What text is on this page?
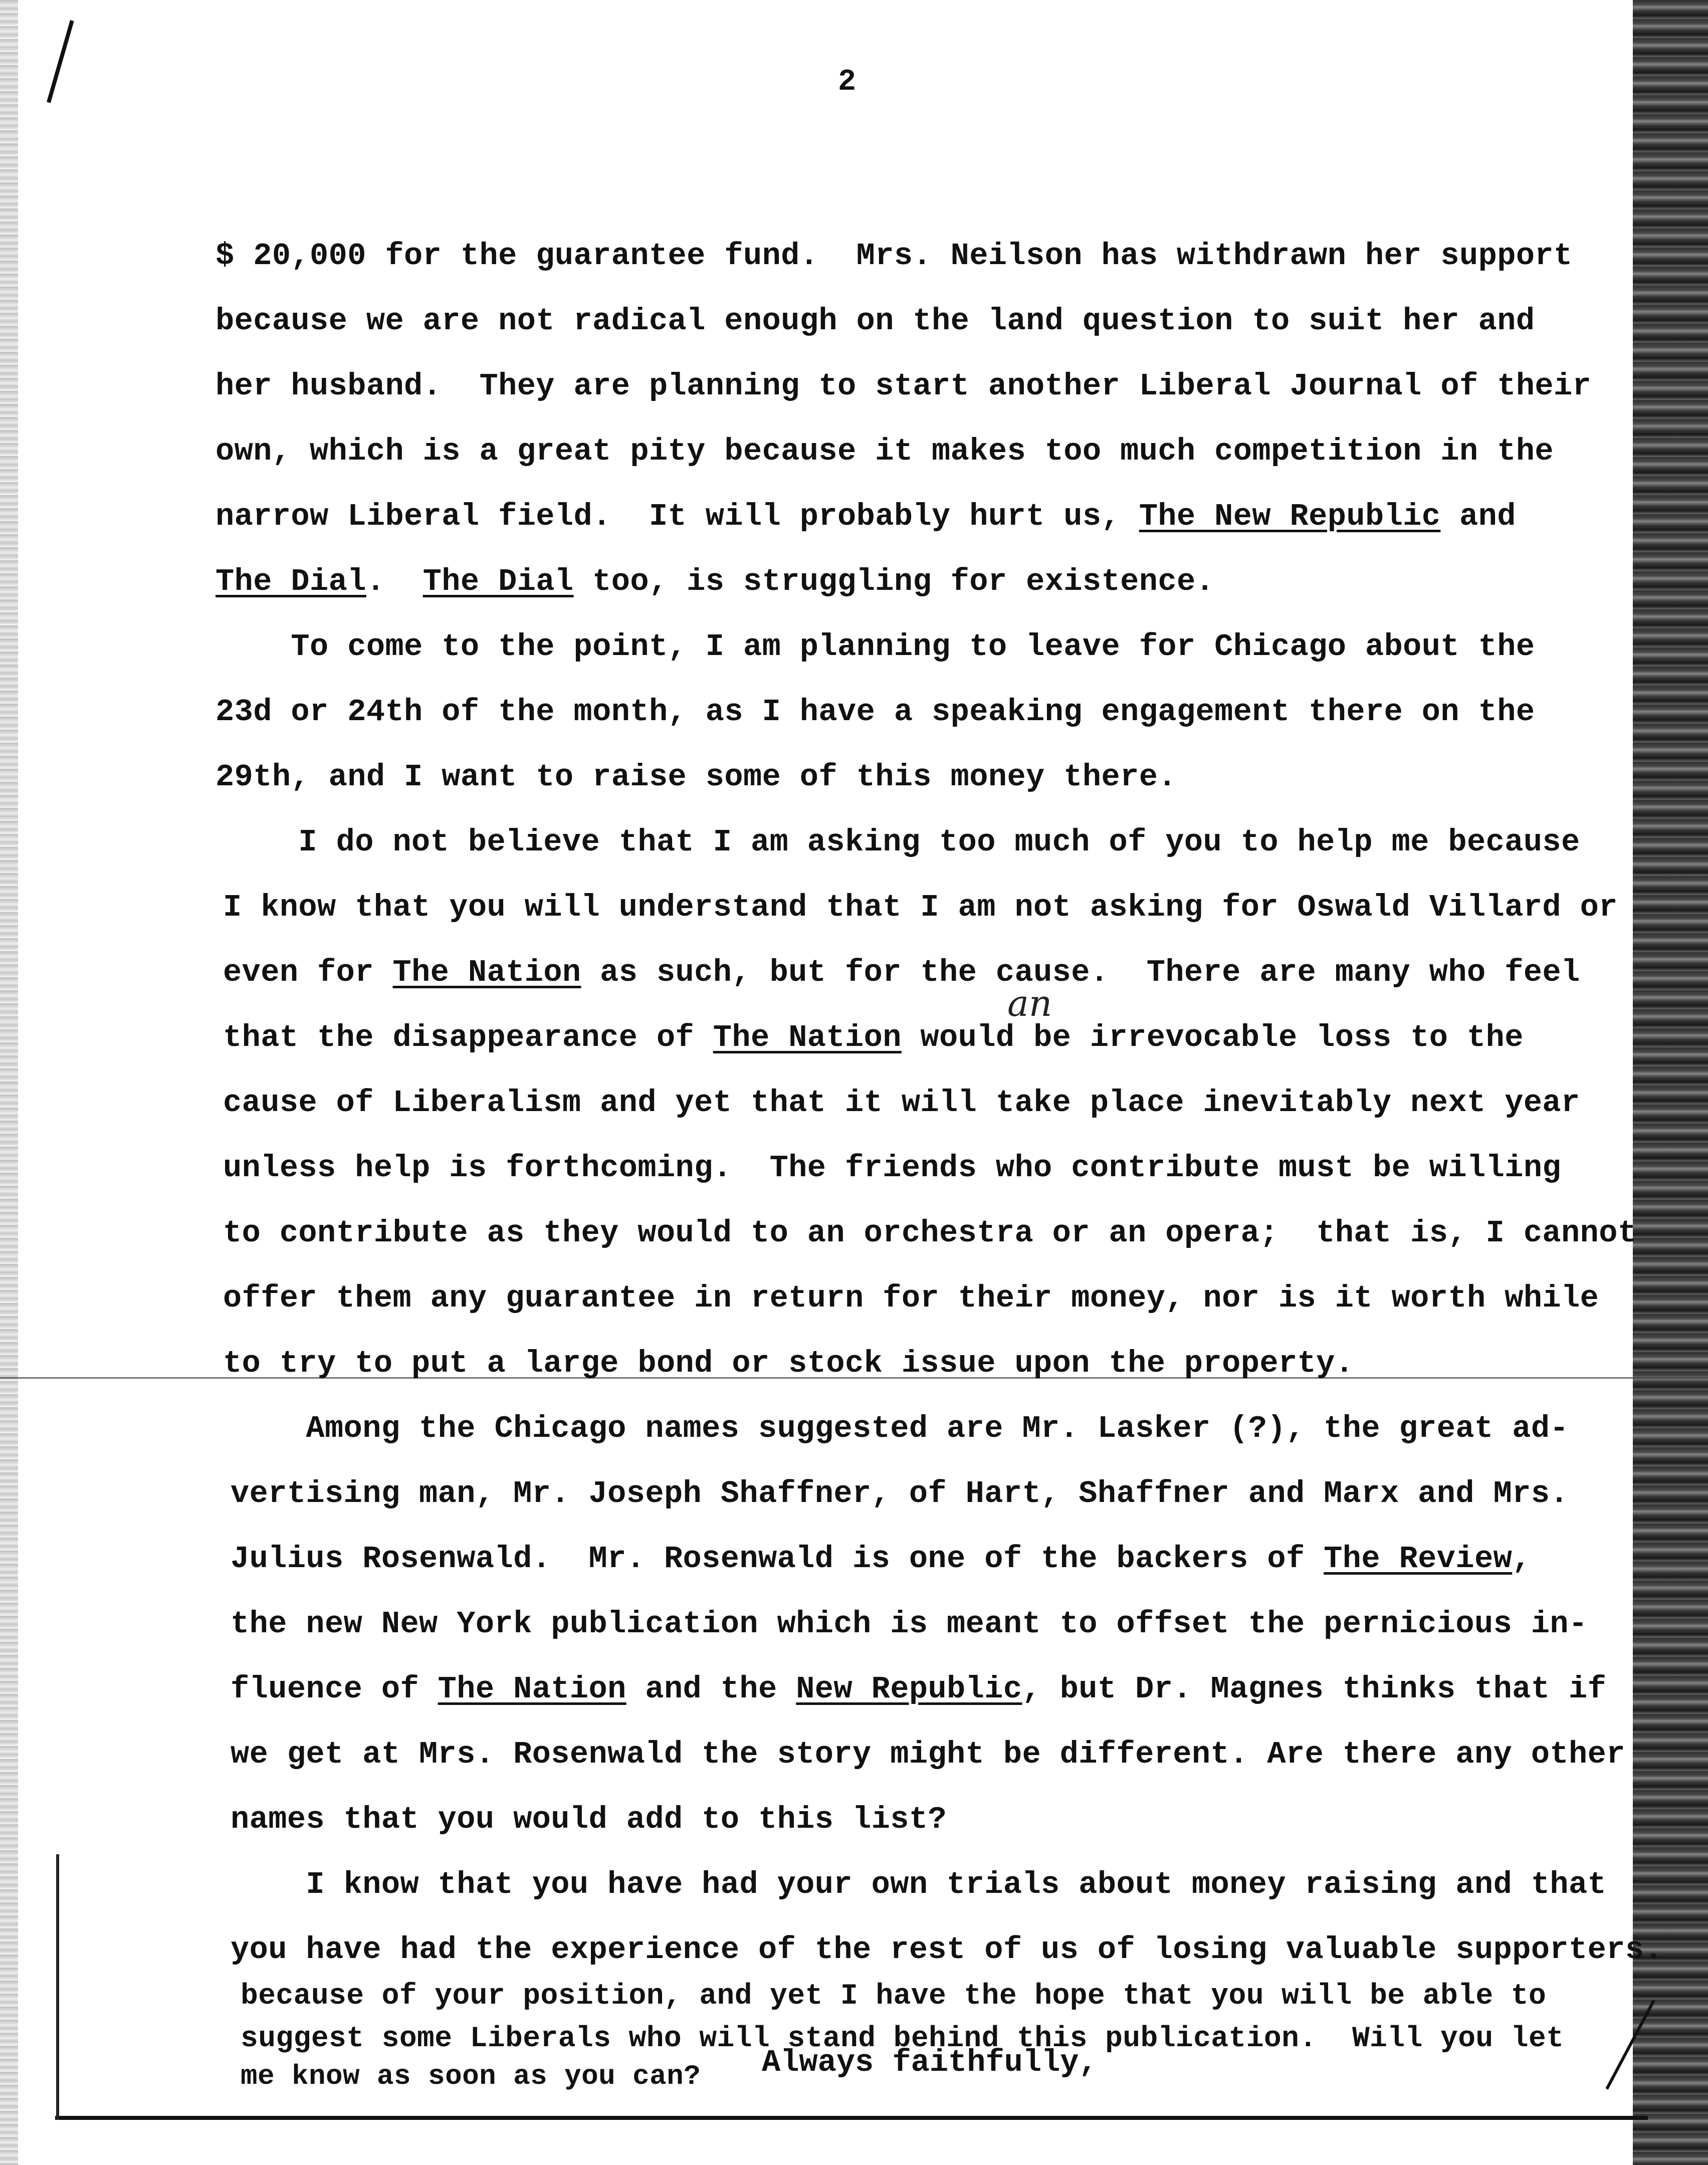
2
$ 20,000 for the guarantee fund.  Mrs. Neilson has withdrawn her support
because we are not radical enough on the land question to suit her and
her husband.  They are planning to start another Liberal Journal of their
own, which is a great pity because it makes too much competition in the
narrow Liberal field.  It will probably hurt us, The New Republic and
The Dial.  The Dial too, is struggling for existence.
To come to the point, I am planning to leave for Chicago about the
23d or 24th of the month, as I have a speaking engagement there on the
29th, and I want to raise some of this money there.
I do not believe that I am asking too much of you to help me because
I know that you will understand that I am not asking for Oswald Villard or
even for The Nation as such, but for the cause.  There are many who feel
that the disappearance of The Nation would be irrevocable loss to the
cause of Liberalism and yet that it will take place inevitably next year
unless help is forthcoming.  The friends who contribute must be willing
to contribute as they would to an orchestra or an opera;  that is, I cannot
offer them any guarantee in return for their money, nor is it worth while
to try to put a large bond or stock issue upon the property.
Among the Chicago names suggested are Mr. Lasker (?), the great ad-
vertising man, Mr. Joseph Shaffner, of Hart, Shaffner and Marx and Mrs.
Julius Rosenwald.  Mr. Rosenwald is one of the backers of The Review,
the new New York publication which is meant to offset the pernicious in-
fluence of The Nation and the New Republic, but Dr. Magnes thinks that if
we get at Mrs. Rosenwald the story might be different. Are there any other
names that you would add to this list?
I know that you have had your own trials about money raising and that
you have had the experience of the rest of us of losing valuable supporters.
because of your position, and yet I have the hope that you will be able to
suggest some Liberals who will stand behind this publication.  Will you let
me know as soon as you can?
an
Always faithfully,
